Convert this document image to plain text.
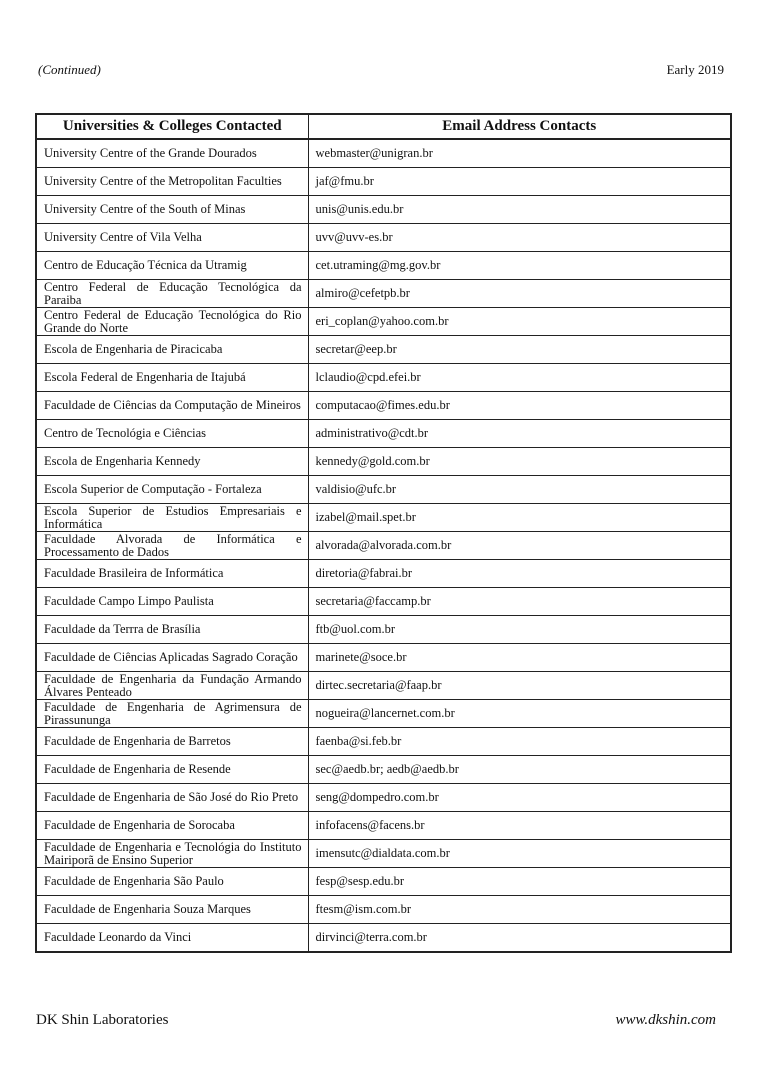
(Continued)	Early 2019
Universities & Colleges Contacted	Email Address Contacts
University Centre of the Grande Dourados	webmaster@unigran.br
University Centre of the Metropolitan Faculties	jaf@fmu.br
University Centre of the South of Minas	unis@unis.edu.br
University Centre of Vila Velha	uvv@uvv-es.br
Centro de Educação Técnica da Utramig	cet.utraming@mg.gov.br
Centro Federal de Educação Tecnológica da Paraiba	almiro@cefetpb.br
Centro Federal de Educação Tecnológica do Rio Grande do Norte	eri_coplan@yahoo.com.br
Escola de Engenharia de Piracicaba	secretar@eep.br
Escola Federal de Engenharia de Itajubá	lclaudio@cpd.efei.br
Faculdade de Ciências da Computação de Mineiros	computacao@fimes.edu.br
Centro de Tecnológia e Ciências	administrativo@cdt.br
Escola de Engenharia Kennedy	kennedy@gold.com.br
Escola Superior de Computação - Fortaleza	valdisio@ufc.br
Escola Superior de Estudios Empresariais e Informática	izabel@mail.spet.br
Faculdade Alvorada de Informática e Processamento de Dados	alvorada@alvorada.com.br
Faculdade Brasileira de Informática	diretoria@fabrai.br
Faculdade Campo Limpo Paulista	secretaria@faccamp.br
Faculdade da Terrra de Brasília	ftb@uol.com.br
Faculdade de Ciências Aplicadas Sagrado Coração	marinete@soce.br
Faculdade de Engenharia da Fundação Armando Álvares Penteado	dirtec.secretaria@faap.br
Faculdade de Engenharia de Agrimensura de Pirassununga	nogueira@lancernet.com.br
Faculdade de Engenharia de Barretos	faenba@si.feb.br
Faculdade de Engenharia de Resende	sec@aedb.br; aedb@aedb.br
Faculdade de Engenharia de São José do Rio Preto	seng@dompedro.com.br
Faculdade de Engenharia de Sorocaba	infofacens@facens.br
Faculdade de Engenharia e Tecnológia do Instituto Mairiporã de Ensino Superior	imensutc@dialdata.com.br
Faculdade de Engenharia São Paulo	fesp@sesp.edu.br
Faculdade de Engenharia Souza Marques	ftesm@ism.com.br
Faculdade Leonardo da Vinci	dirvinci@terra.com.br
DK Shin Laboratories	www.dkshin.com
